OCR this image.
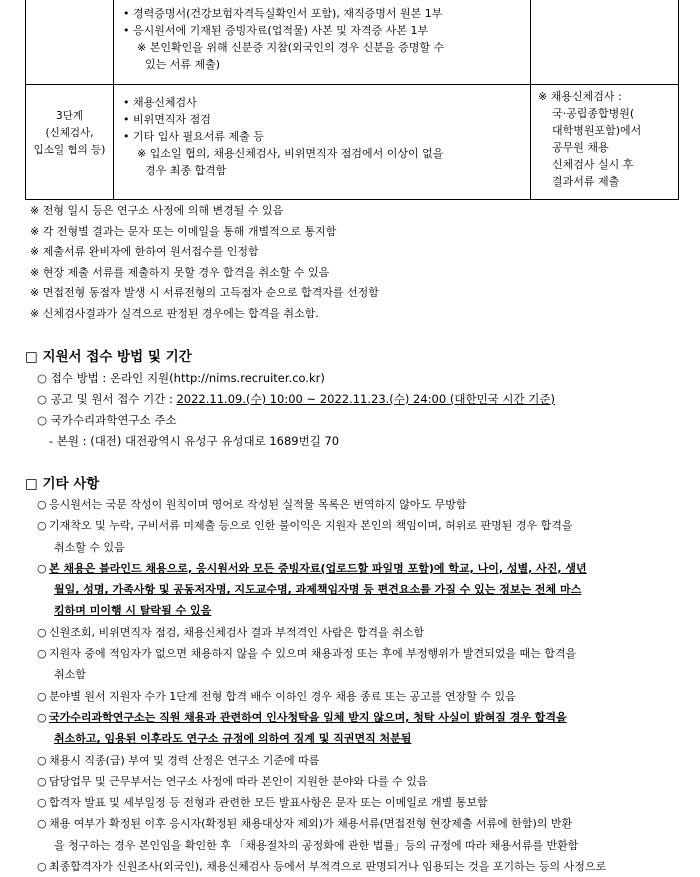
• 경력증명서(건강보험자격득실확인서 포함), 재직증명서 원본 1부
• 응시원서에 기재된 증빙자료(업적물) 사본 및 자격증 사본 1부
※ 본인확인을 위해 신분증 지참(외국인의 경우 신분을 증명할 수
있는 서류 제출)
3단계
(신체검사,
입소일 협의 등)
• 채용신체검사
• 비위면직자 점검
• 기타 입사 필요서류 제출 등
※ 입소일 협의, 채용신체검사, 비위면직자 점검에서 이상이 없을
경우 최종 합격함
※ 채용신체검사 :
국·공립종합병원(
대학병원포함)에서
공무원 채용
신체검사 실시 후
결과서류 제출
※ 전형 일시 등은 연구소 사정에 의해 변경될 수 있음
※ 각 전형별 결과는 문자 또는 이메일을 통해 개별적으로 통지함
※ 제출서류 완비자에 한하여 원서접수를 인정함
※ 현장 제출 서류를 제출하지 못할 경우 합격을 취소할 수 있음
※ 면접전형 동점자 발생 시 서류전형의 고득점자 순으로 합격자를 선정함
※ 신체검사결과가 실격으로 판정된 경우에는 합격을 취소함.
□ 지원서 접수 방법 및 기간
○ 접수 방법 : 온라인 지원(http://nims.recruiter.co.kr)
○ 공고 및 원서 접수 기간 : 2022.11.09.(수) 10:00 ~ 2022.11.23.(수) 24:00 (대한민국 시간 기준)
○ 국가수리과학연구소 주소
- 본원 : (대전) 대전광역시 유성구 유성대로 1689번길 70
□ 기타 사항
○ 응시원서는 국문 작성이 원칙이며 영어로 작성된 실적물 목록은 번역하지 않아도 무방함
○ 기재착오 및 누락, 구비서류 미제출 등으로 인한 불이익은 지원자 본인의 책임이며, 허위로 판명된 경우 합격을
취소할 수 있음
○ 본 채용은 블라인드 채용으로, 응시원서와 모든 증빙자료(업로드할 파일명 포함)에 학교, 나이, 성별, 사진, 생년
월일, 성명, 가족사항 및 공동저자명, 지도교수명, 과제책임자명 등 편견요소를 가질 수 있는 정보는 전체 마스
킹하며 미이행 시 탈락될 수 있음
○ 신원조회, 비위면직자 점검, 채용신체검사 결과 부적격인 사람은 합격을 취소함
○ 지원자 중에 적임자가 없으면 채용하지 않을 수 있으며 채용과정 또는 후에 부정행위가 발견되었을 때는 합격을
취소함
○ 분야별 원서 지원자 수가 1단계 전형 합격 배수 이하인 경우 채용 종료 또는 공고를 연장할 수 있음
○ 국가수리과학연구소는 직원 채용과 관련하여 인사청탁을 일체 받지 않으며, 청탁 사실이 밝혀질 경우 합격을
취소하고, 임용된 이후라도 연구소 규정에 의하여 징계 및 직권면직 처분됨
○ 채용시 직종(급) 부여 및 경력 산정은 연구소 기준에 따름
○ 담당업무 및 근무부서는 연구소 사정에 따라 본인이 지원한 분야와 다를 수 있음
○ 합격자 발표 및 세부일정 등 전형과 관련한 모든 발표사항은 문자 또는 이메일로 개별 통보함
○ 채용 여부가 확정된 이후 응시자(확정된 채용대상자 제외)가 채용서류(면접전형 현장제출 서류에 한함)의 반환
을 청구하는 경우 본인임을 확인한 후 「채용절차의 공정화에 관한 법률」등의 규정에 따라 채용서류를 반환함
○ 최종합격자가 신원조사(외국인), 채용신체검사 등에서 부적격으로 판명되거나 임용되는 것을 포기하는 등의 사정으로
